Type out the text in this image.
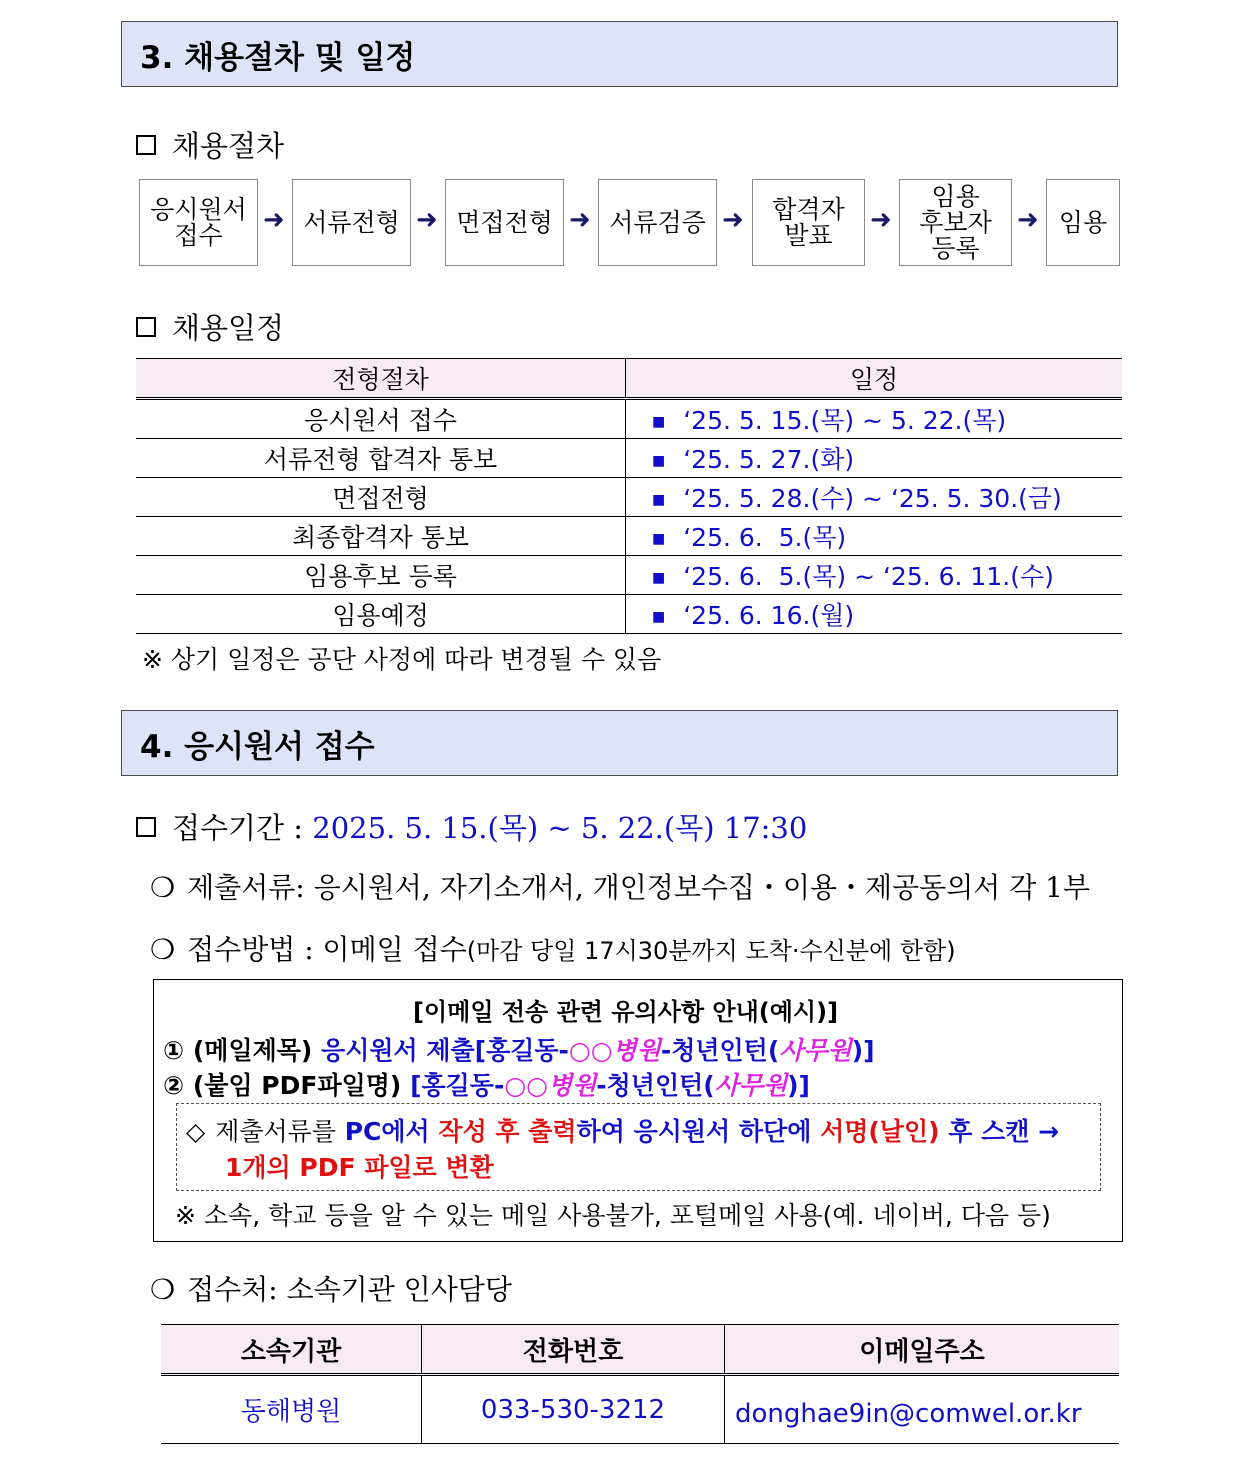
3. 채용절차 및 일정
채용절차
응시원서
접수	➜ 서류전형 ➜ 면접전형 ➜ 서류검증 ➜	합격자
발표	➜
임용
후보자
등록
➜ 임용
채용일정
전형절차	일정
응시원서 접수	■ ‘25. 5. 15.(목) ~ 5. 22.(목)
서류전형 합격자 통보	■ ‘25. 5. 27.(화)
면접전형	■ ‘25. 5. 28.(수) ~ ‘25. 5. 30.(금)
최종합격자 통보	■ ‘25. 6.  5.(목)
임용후보 등록	■ ‘25. 6.  5.(목) ~ ‘25. 6. 11.(수)
임용예정	■ ‘25. 6. 16.(월)
※ 상기 일정은 공단 사정에 따라 변경될 수 있음
4. 응시원서 접수
접수기간 : 2025. 5. 15.(목) ~ 5. 22.(목) 17:30
❍ 제출서류: 응시원서, 자기소개서, 개인정보수집・이용・제공동의서 각 1부
❍ 접수방법 : 이메일 접수(마감 당일 17시30분까지 도착·수신분에 한함)
[이메일 전송 관련 유의사항 안내(예시)]
① (메일제목) 응시원서 제출[홍길동-○○병원-청년인턴(사무원)]
② (붙임 PDF파일명) [홍길동-○○병원-청년인턴(사무원)]
◇ 제출서류를 PC에서 작성 후 출력하여 응시원서 하단에 서명(날인) 후 스캔 →
1개의 PDF 파일로 변환
※ 소속, 학교 등을 알 수 있는 메일 사용불가, 포털메일 사용(예. 네이버, 다음 등)
❍ 접수처: 소속기관 인사담당
소속기관	전화번호	이메일주소
동해병원	033-530-3212	donghae9in@comwel.or.kr
